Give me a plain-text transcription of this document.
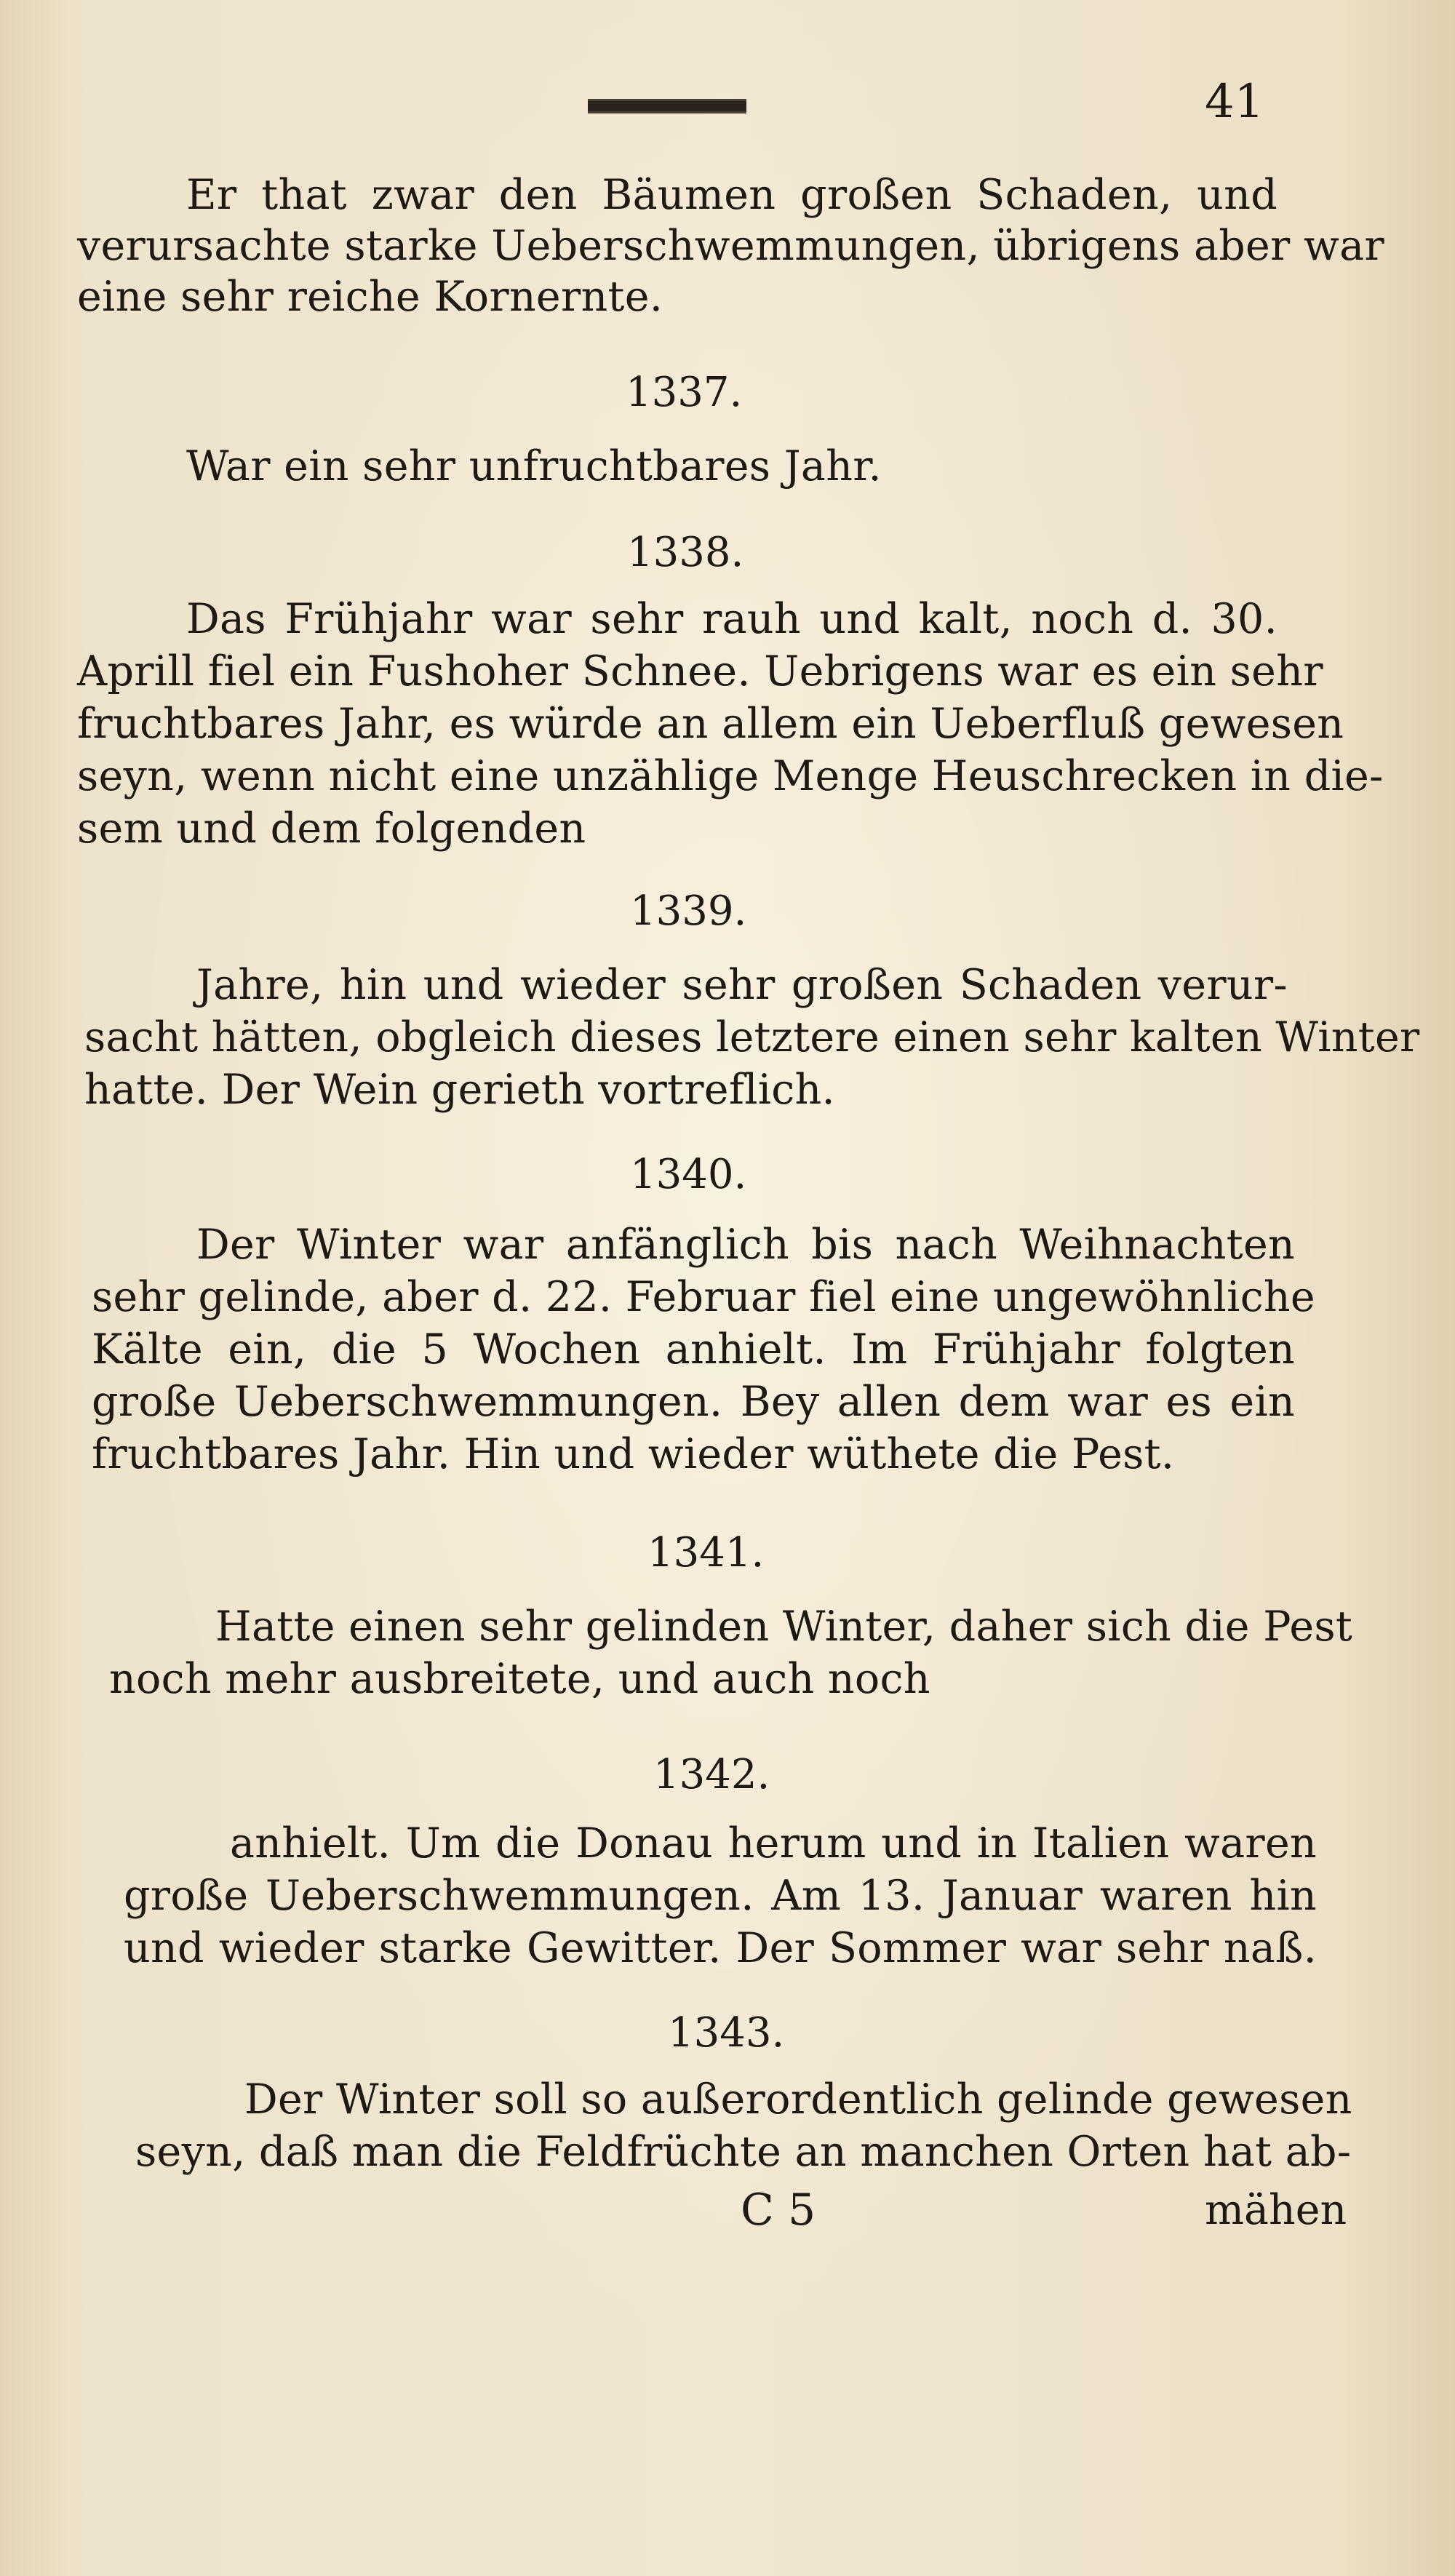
41
Er that zwar den Bäumen großen Schaden, und
verursachte starke Ueberschwemmungen, übrigens aber war
eine sehr reiche Kornernte.
1337.
War ein sehr unfruchtbares Jahr.
1338.
Das Frühjahr war sehr rauh und kalt, noch d. 30.
Aprill fiel ein Fushoher Schnee. Uebrigens war es ein sehr
fruchtbares Jahr, es würde an allem ein Ueberfluß gewesen
seyn, wenn nicht eine unzählige Menge Heuschrecken in die-
sem und dem folgenden
1339.
Jahre, hin und wieder sehr großen Schaden verur-
sacht hätten, obgleich dieses letztere einen sehr kalten Winter
hatte. Der Wein gerieth vortreflich.
1340.
Der Winter war anfänglich bis nach Weihnachten
sehr gelinde, aber d. 22. Februar fiel eine ungewöhnliche
Kälte ein, die 5 Wochen anhielt. Im Frühjahr folgten
große Ueberschwemmungen. Bey allen dem war es ein
fruchtbares Jahr. Hin und wieder wüthete die Pest.
1341.
Hatte einen sehr gelinden Winter, daher sich die Pest
noch mehr ausbreitete, und auch noch
1342.
anhielt. Um die Donau herum und in Italien waren
große Ueberschwemmungen. Am 13. Januar waren hin
und wieder starke Gewitter. Der Sommer war sehr naß.
1343.
Der Winter soll so außerordentlich gelinde gewesen
seyn, daß man die Feldfrüchte an manchen Orten hat ab-
C 5	mähen
